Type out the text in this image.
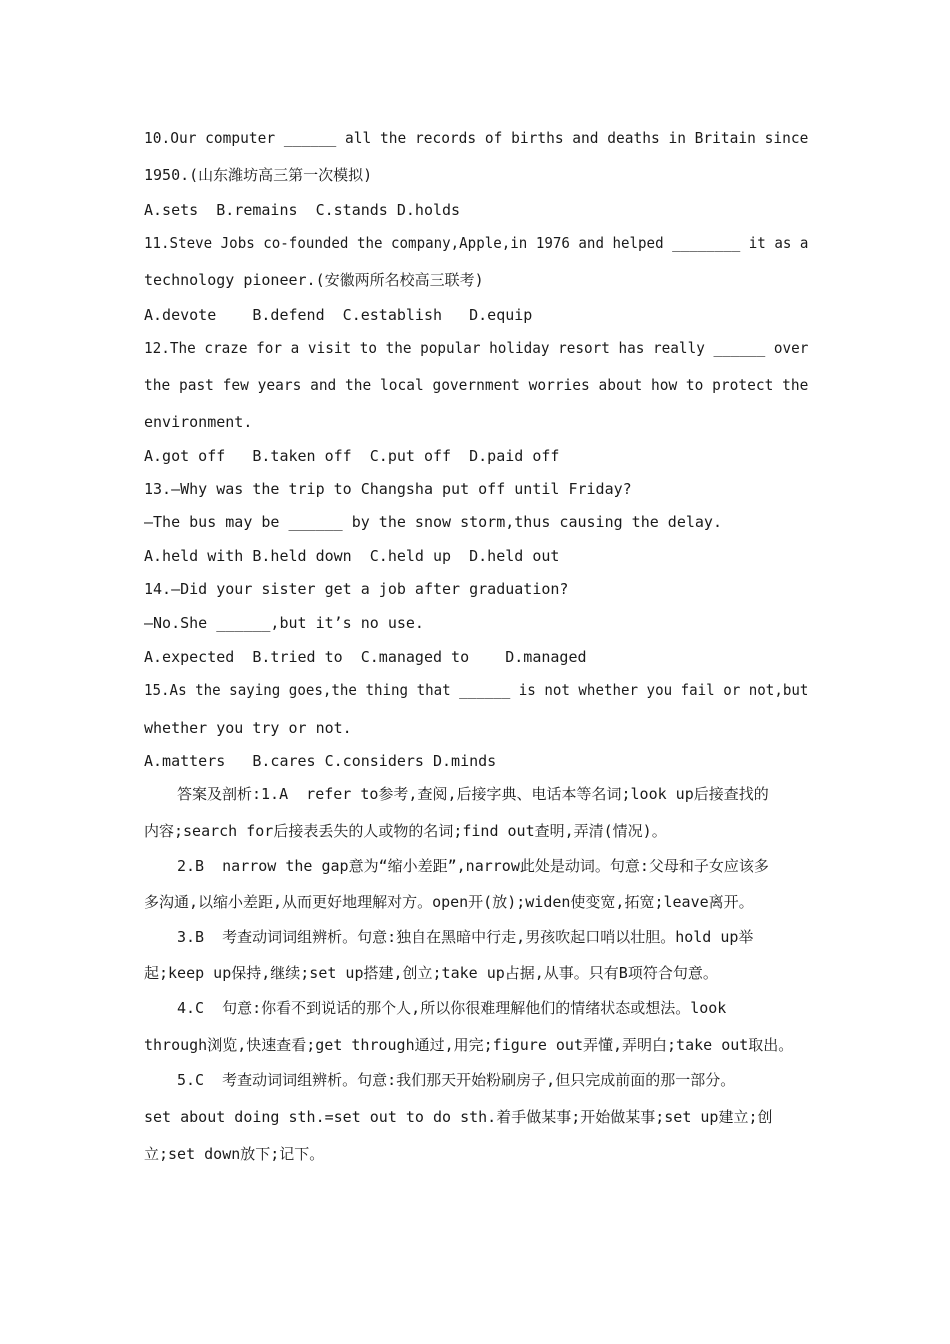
10.Our computer ______ all the records of births and deaths in Britain since
1950.(山东潍坊高三第一次模拟)
A.sets  B.remains  C.stands D.holds
11.Steve Jobs co-founded the company,Apple,in 1976 and helped ________ it as a
technology pioneer.(安徽两所名校高三联考)
A.devote    B.defend  C.establish   D.equip
12.The craze for a visit to the popular holiday resort has really ______ over
the past few years and the local government worries about how to protect the
environment.
A.got off   B.taken off  C.put off  D.paid off
13.—Why was the trip to Changsha put off until Friday?
—The bus may be ______ by the snow storm,thus causing the delay.
A.held with B.held down  C.held up  D.held out
14.—Did your sister get a job after graduation?
—No.She ______,but it’s no use.
A.expected  B.tried to  C.managed to    D.managed
15.As the saying goes,the thing that ______ is not whether you fail or not,but
whether you try or not.
A.matters   B.cares C.considers D.minds
答案及剖析:1.A  refer to参考,查阅,后接字典、电话本等名词;look up后接查找的
内容;search for后接表丢失的人或物的名词;find out查明,弄清(情况)。
2.B  narrow the gap意为“缩小差距”,narrow此处是动词。句意:父母和子女应该多
多沟通,以缩小差距,从而更好地理解对方。open开(放);widen使变宽,拓宽;leave离开。
3.B  考查动词词组辨析。句意:独自在黑暗中行走,男孩吹起口哨以壮胆。hold up举
起;keep up保持,继续;set up搭建,创立;take up占据,从事。只有B项符合句意。
4.C  句意:你看不到说话的那个人,所以你很难理解他们的情绪状态或想法。look
through浏览,快速查看;get through通过,用完;figure out弄懂,弄明白;take out取出。
5.C  考查动词词组辨析。句意:我们那天开始粉刷房子,但只完成前面的那一部分。
set about doing sth.=set out to do sth.着手做某事;开始做某事;set up建立;创
立;set down放下;记下。
